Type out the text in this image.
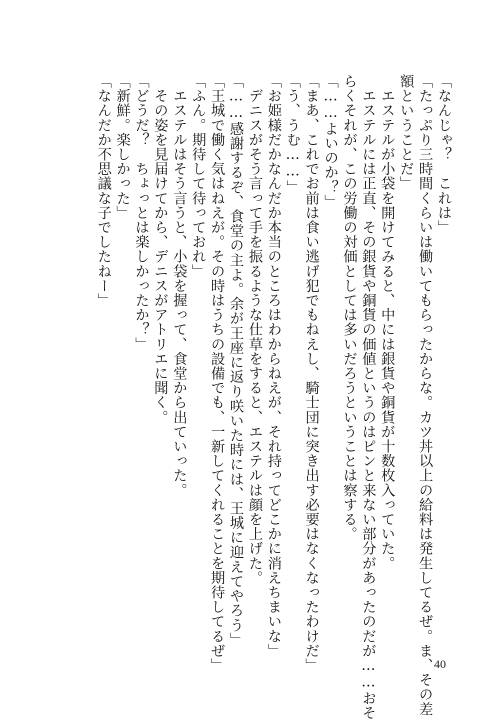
「なんじゃ？　これは」
「たっぷり三時間くらいは働いてもらったからな。カツ丼以上の給料は発生してるぜ。ま、その差
額ということだ」
　エステルが小袋を開けてみると、中には銀貨や銅貨が十数枚入っていた。
　エステルには正直、その銀貨や銅貨の価値というのはピンと来ない部分があったのだが……おそ
らくそれが、この労働の対価としては多いだろうということは察する。
「……よいのか？」
「まあ、これでお前は食い逃げ犯でもねえし、騎士団に突き出す必要はなくなったわけだ」
「う、うむ……」
「お姫様だかなんだか本当のところはわからねえが、それ持ってどこかに消えちまいな」
　デニスがそう言って手を振るような仕草をすると、エステルは顔を上げた。
「……感謝するぞ、食堂の主よ。余が王座に返り咲いた時には、王城に迎えてやろう」
「王城で働く気はねえが。その時はうちの設備でも、一新してくれることを期待してるぜ」
「ふん。期待して待っておれ」
　エステルはそう言うと、小袋を握って、食堂から出ていった。
　その姿を見届けてから、デニスがアトリエに聞く。
「どうだ？　ちょっとは楽しかったか？」
「新鮮。楽しかった」
「なんだか不思議な子でしたねー」
40
